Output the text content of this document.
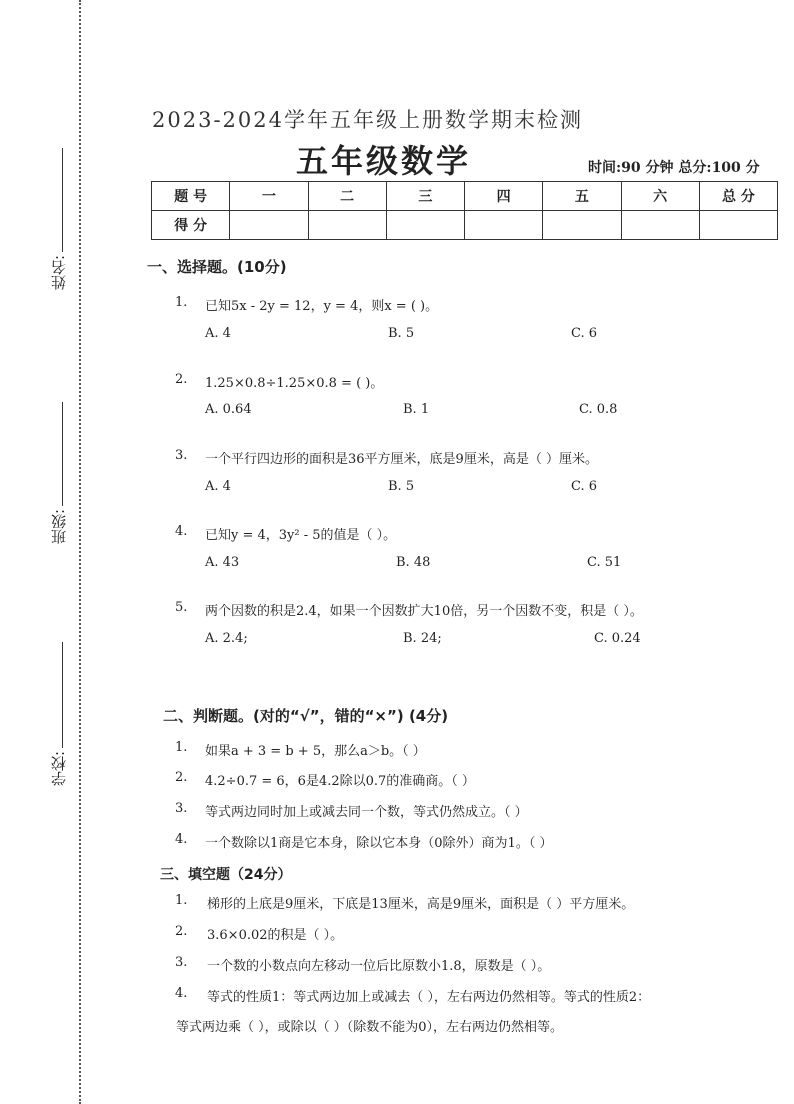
姓名:
班级:
学校:
2023-2024学年五年级上册数学期末检测
五年级数学	时间:90 分钟 总分:100 分
题 号	一	二	三	四	五	六	总 分
得 分							
一、选择题。(10分)
1. 已知5x - 2y = 12，y = 4，则x = ( )。
A. 4	B. 5	C. 6
2. 1.25×0.8÷1.25×0.8 = ( )。
A. 0.64	B. 1	C. 0.8
3. 一个平行四边形的面积是36平方厘米，底是9厘米，高是（ ）厘米。
A. 4	B. 5	C. 6
4. 已知y = 4，3y² - 5的值是（ ）。
A. 43	B. 48	C. 51
5. 两个因数的积是2.4，如果一个因数扩大10倍，另一个因数不变，积是（ ）。
A. 2.4;	B. 24;	C. 0.24
二、判断题。(对的“√”，错的“×”) (4分)
1. 如果a + 3 = b + 5，那么a＞b。（ ）
2. 4.2÷0.7 = 6，6是4.2除以0.7的准确商。（ ）
3. 等式两边同时加上或减去同一个数，等式仍然成立。（ ）
4. 一个数除以1商是它本身，除以它本身（0除外）商为1。（ ）
三、填空题（24分）
1. 梯形的上底是9厘米，下底是13厘米，高是9厘米，面积是（ ）平方厘米。
2. 3.6×0.02的积是（ ）。
3. 一个数的小数点向左移动一位后比原数小1.8，原数是（ ）。
4. 等式的性质1：等式两边加上或减去（ ），左右两边仍然相等。等式的性质2：
等式两边乘（ ），或除以（ ）（除数不能为0），左右两边仍然相等。
